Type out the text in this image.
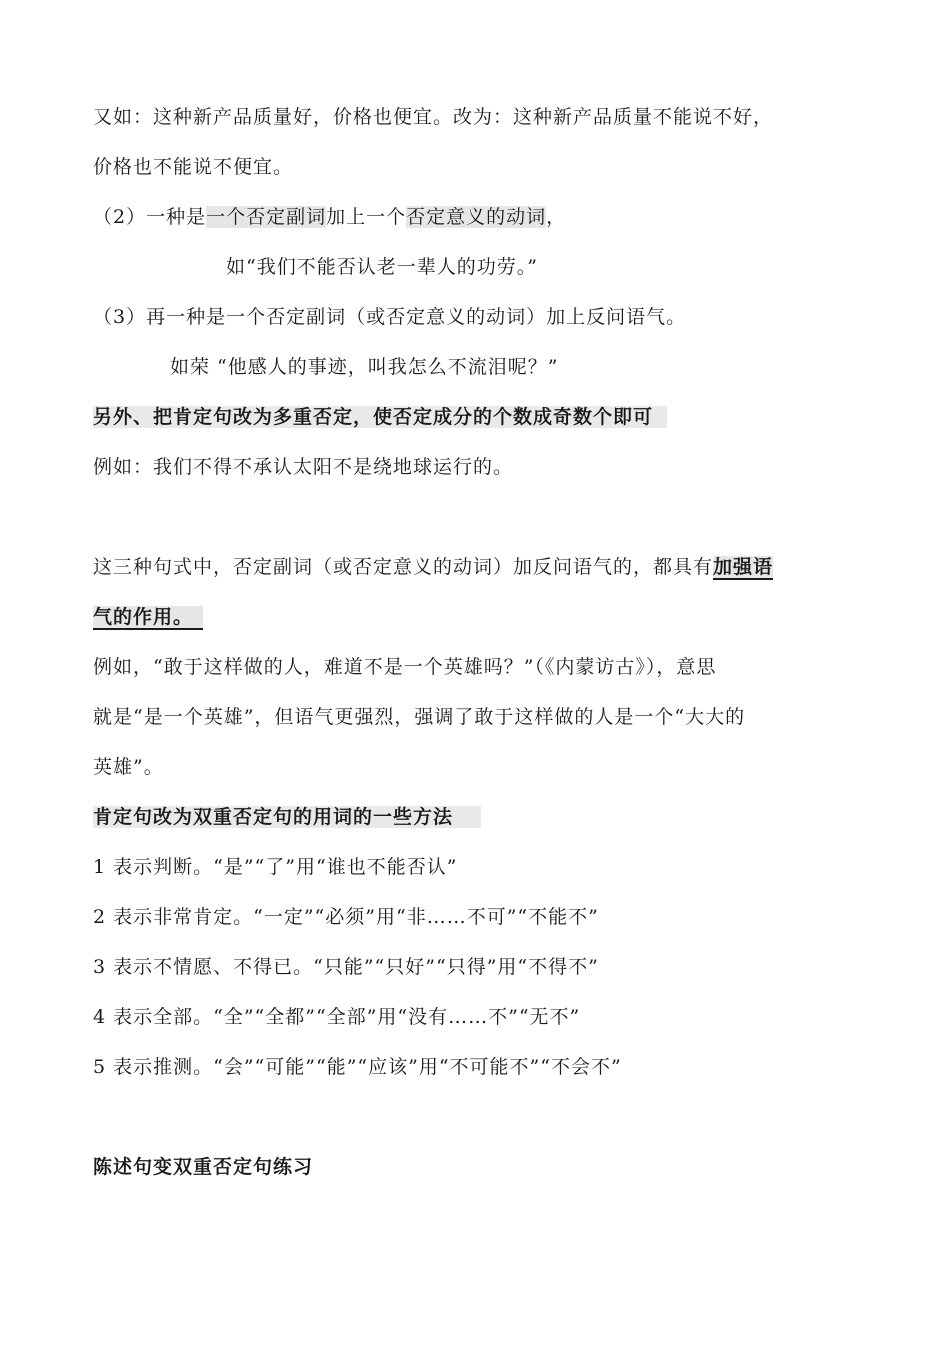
又如：这种新产品质量好，价格也便宜。改为：这种新产品质量不能说不好，
价格也不能说不便宜。
（2）一种是一个否定副词加上一个否定意义的动词，
如“我们不能否认老一辈人的功劳。”
（3）再一种是一个否定副词（或否定意义的动词）加上反问语气。
如荣 “他感人的事迹，叫我怎么不流泪呢？”
另外、把肯定句改为多重否定，使否定成分的个数成奇数个即可
例如：我们不得不承认太阳不是绕地球运行的。
这三种句式中，否定副词（或否定意义的动词）加反问语气的，都具有加强语
气的作用。
例如，“敢于这样做的人，难道不是一个英雄吗？”（《内蒙访古》），意思
就是“是一个英雄”，但语气更强烈，强调了敢于这样做的人是一个“大大的
英雄”。
肯定句改为双重否定句的用词的一些方法
1 表示判断。“是”“了”用“谁也不能否认”
2 表示非常肯定。“一定”“必须”用“非……不可”“不能不”
3 表示不情愿、不得已。“只能”“只好”“只得”用“不得不”
4 表示全部。“全”“全都”“全部”用“没有……不”“无不”
5 表示推测。“会”“可能”“能”“应该”用“不可能不”“不会不”
陈述句变双重否定句练习
